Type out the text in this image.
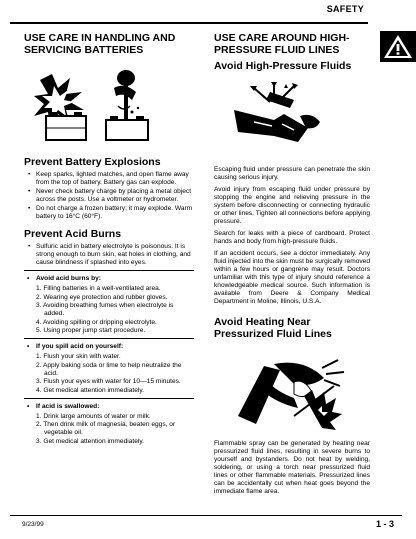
SAFETY
USE CARE IN HANDLING AND SERVICING BATTERIES
Prevent Battery Explosions
• Keep sparks, lighted matches, and open flame away from the top of battery. Battery gas can explode.
• Never check battery charge by placing a metal object across the posts. Use a voltmeter or hydrometer.
• Do not charge a frozen battery; it may explode. Warm battery to 16°C (60°F).
Prevent Acid Burns
• Sulfuric acid in battery electrolyte is poisonous. It is strong enough to burn skin, eat holes in clothing, and cause blindness if splashed into eyes.
• Avoid acid burns by:
1. Filling batteries in a well-ventilated area.
2. Wearing eye protection and rubber gloves.
3. Avoiding breathing fumes when electrolyte is added.
4. Avoiding spilling or dripping electrolyte.
5. Using proper jump start procedure.
• If you spill acid on yourself:
1. Flush your skin with water.
2. Apply baking soda or lime to help neutralize the acid.
3. Flush your eyes with water for 10—15 minutes.
4. Get medical attention immediately.
• If acid is swallowed:
1. Drink large amounts of water or milk.
2. Then drink milk of magnesia, beaten eggs, or vegetable oil.
3. Get medical attention immediately.
USE CARE AROUND HIGH-PRESSURE FLUID LINES
Avoid High-Pressure Fluids

Escaping fluid under pressure can penetrate the skin causing serious injury.

Avoid injury from escaping fluid under pressure by stopping the engine and relieving pressure in the system before disconnecting or connecting hydraulic or other lines. Tighten all connections before applying pressure.

Search for leaks with a piece of cardboard. Protect hands and body from high-pressure fluids.

If an accident occurs, see a doctor immediately. Any fluid injected into the skin must be surgically removed within a few hours or gangrene may result. Doctors unfamiliar with this type of injury should reference a knowledgeable medical source. Such information is available from Deere & Company Medical Department in Moline, Illinois, U.S.A.

Avoid Heating Near Pressurized Fluid Lines

Flammable spray can be generated by heating near pressurized fluid lines, resulting in severe burns to yourself and bystanders. Do not heat by welding, soldering, or using a torch near pressurized fluid lines or other flammable materials. Pressurized lines can be accidentally cut when heat goes beyond the immediate flame area.

9/23/99	1 - 3
